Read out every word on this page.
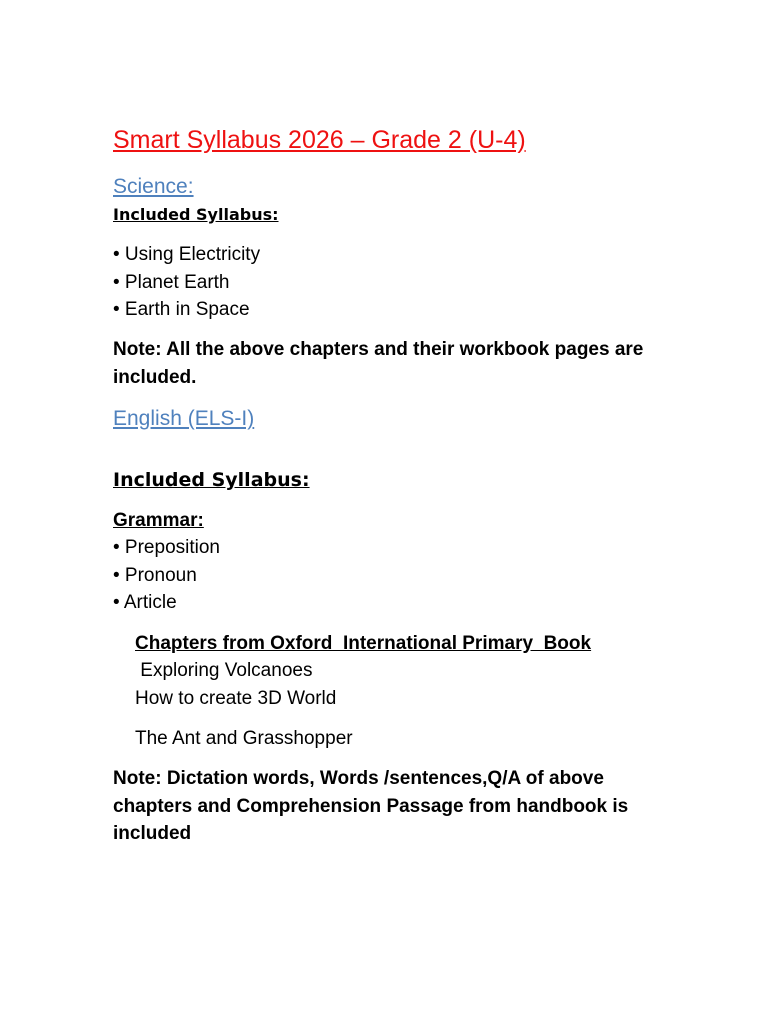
Smart Syllabus 2026 – Grade 2 (U-4)
Science:
Included Syllabus:
• Using Electricity
• Planet Earth
• Earth in Space
Note: All the above chapters and their workbook pages are included.
English (ELS-I)
Included Syllabus:
Grammar:
• Preposition
• Pronoun
• Article
Chapters from Oxford  International Primary  Book
Exploring Volcanoes
How to create 3D World
The Ant and Grasshopper
Note: Dictation words, Words /sentences,Q/A of above chapters and Comprehension Passage from handbook is included
